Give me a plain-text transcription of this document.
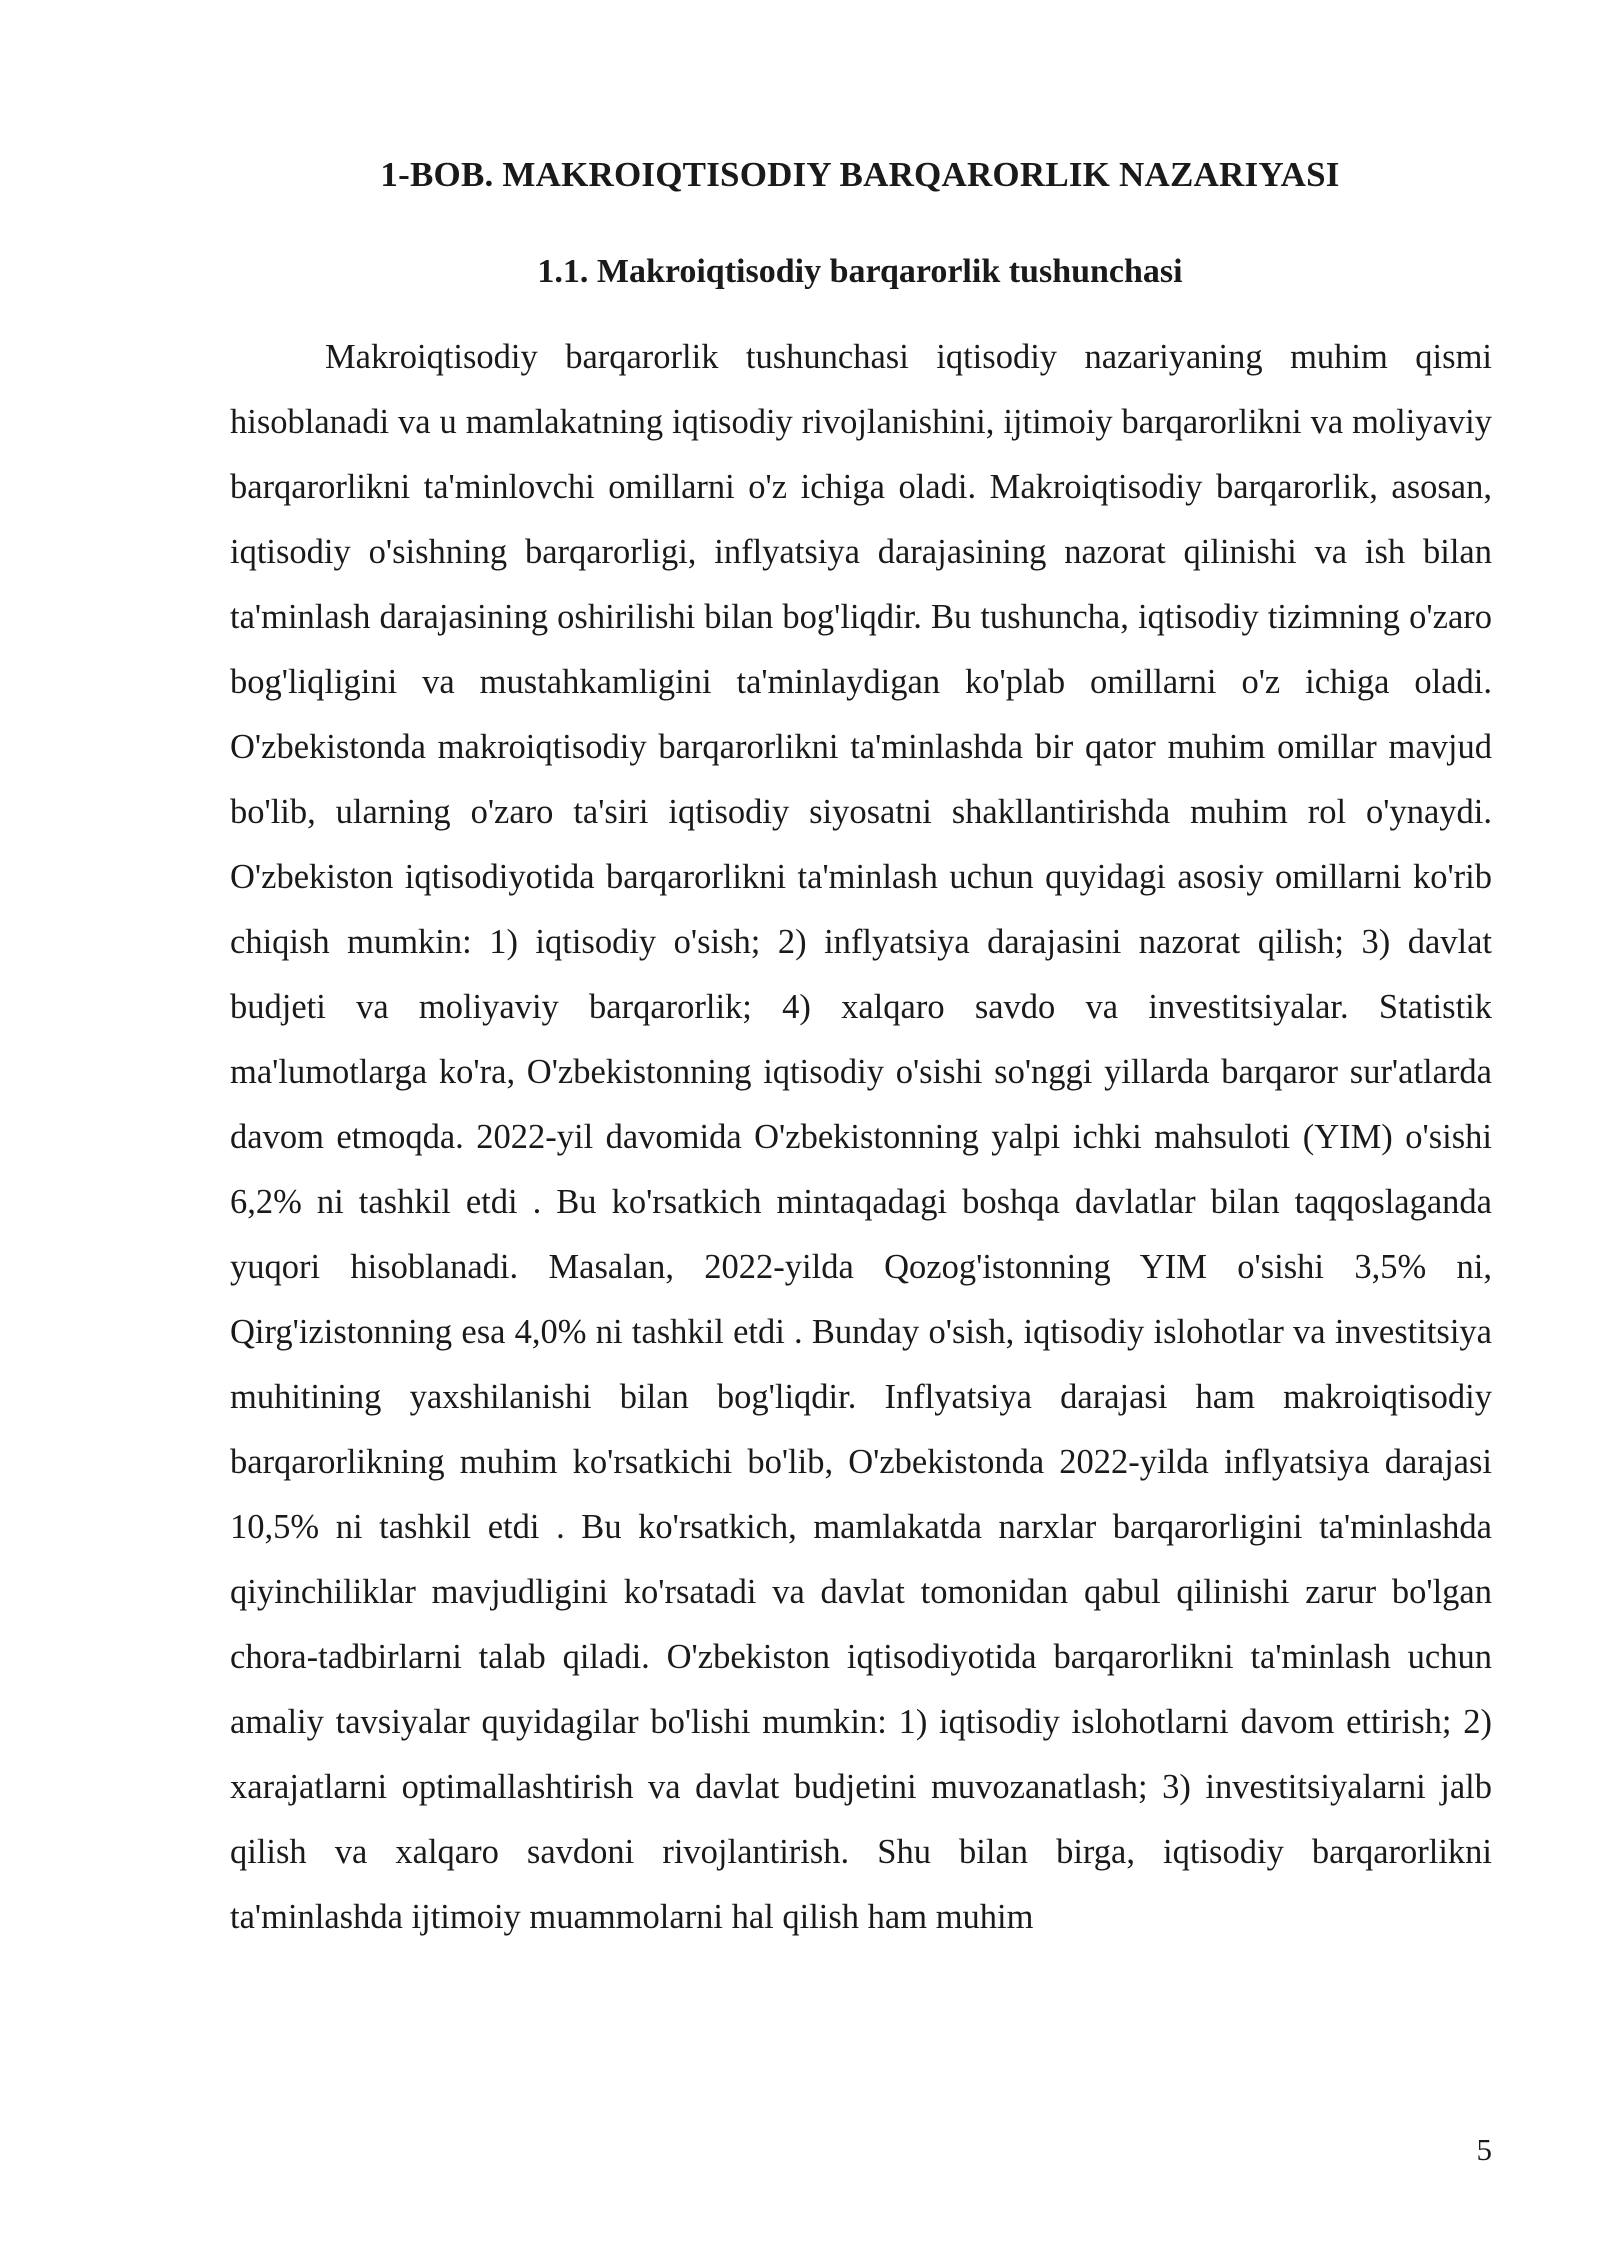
1-BOB. MAKROIQTISODIY BARQARORLIK NAZARIYASI
1.1. Makroiqtisodiy barqarorlik tushunchasi

Makroiqtisodiy barqarorlik tushunchasi iqtisodiy nazariyaning muhim qismi hisoblanadi va u mamlakatning iqtisodiy rivojlanishini, ijtimoiy barqarorlikni va moliyaviy barqarorlikni ta'minlovchi omillarni o'z ichiga oladi. Makroiqtisodiy barqarorlik, asosan, iqtisodiy o'sishning barqarorligi, inflyatsiya darajasining nazorat qilinishi va ish bilan ta'minlash darajasining oshirilishi bilan bog'liqdir. Bu tushuncha, iqtisodiy tizimning o'zaro bog'liqligini va mustahkamligini ta'minlaydigan ko'plab omillarni o'z ichiga oladi. O'zbekistonda makroiqtisodiy barqarorlikni ta'minlashda bir qator muhim omillar mavjud bo'lib, ularning o'zaro ta'siri iqtisodiy siyosatni shakllantirishda muhim rol o'ynaydi. O'zbekiston iqtisodiyotida barqarorlikni ta'minlash uchun quyidagi asosiy omillarni ko'rib chiqish mumkin: 1) iqtisodiy o'sish; 2) inflyatsiya darajasini nazorat qilish; 3) davlat budjeti va moliyaviy barqarorlik; 4) xalqaro savdo va investitsiyalar. Statistik ma'lumotlarga ko'ra, O'zbekistonning iqtisodiy o'sishi so'nggi yillarda barqaror sur'atlarda davom etmoqda. 2022-yil davomida O'zbekistonning yalpi ichki mahsuloti (YIM) o'sishi 6,2% ni tashkil etdi . Bu ko'rsatkich mintaqadagi boshqa davlatlar bilan taqqoslaganda yuqori hisoblanadi. Masalan, 2022-yilda Qozog'istonning YIM o'sishi 3,5% ni, Qirg'izistonning esa 4,0% ni tashkil etdi . Bunday o'sish, iqtisodiy islohotlar va investitsiya muhitining yaxshilanishi bilan bog'liqdir. Inflyatsiya darajasi ham makroiqtisodiy barqarorlikning muhim ko'rsatkichi bo'lib, O'zbekistonda 2022-yilda inflyatsiya darajasi 10,5% ni tashkil etdi . Bu ko'rsatkich, mamlakatda narxlar barqarorligini ta'minlashda qiyinchiliklar mavjudligini ko'rsatadi va davlat tomonidan qabul qilinishi zarur bo'lgan chora-tadbirlarni talab qiladi. O'zbekiston iqtisodiyotida barqarorlikni ta'minlash uchun amaliy tavsiyalar quyidagilar bo'lishi mumkin: 1) iqtisodiy islohotlarni davom ettirish; 2) xarajatlarni optimallashtirish va davlat budjetini muvozanatlash; 3) investitsiyalarni jalb qilish va xalqaro savdoni rivojlantirish. Shu bilan birga, iqtisodiy barqarorlikni ta'minlashda ijtimoiy muammolarni hal qilish ham muhim

5
